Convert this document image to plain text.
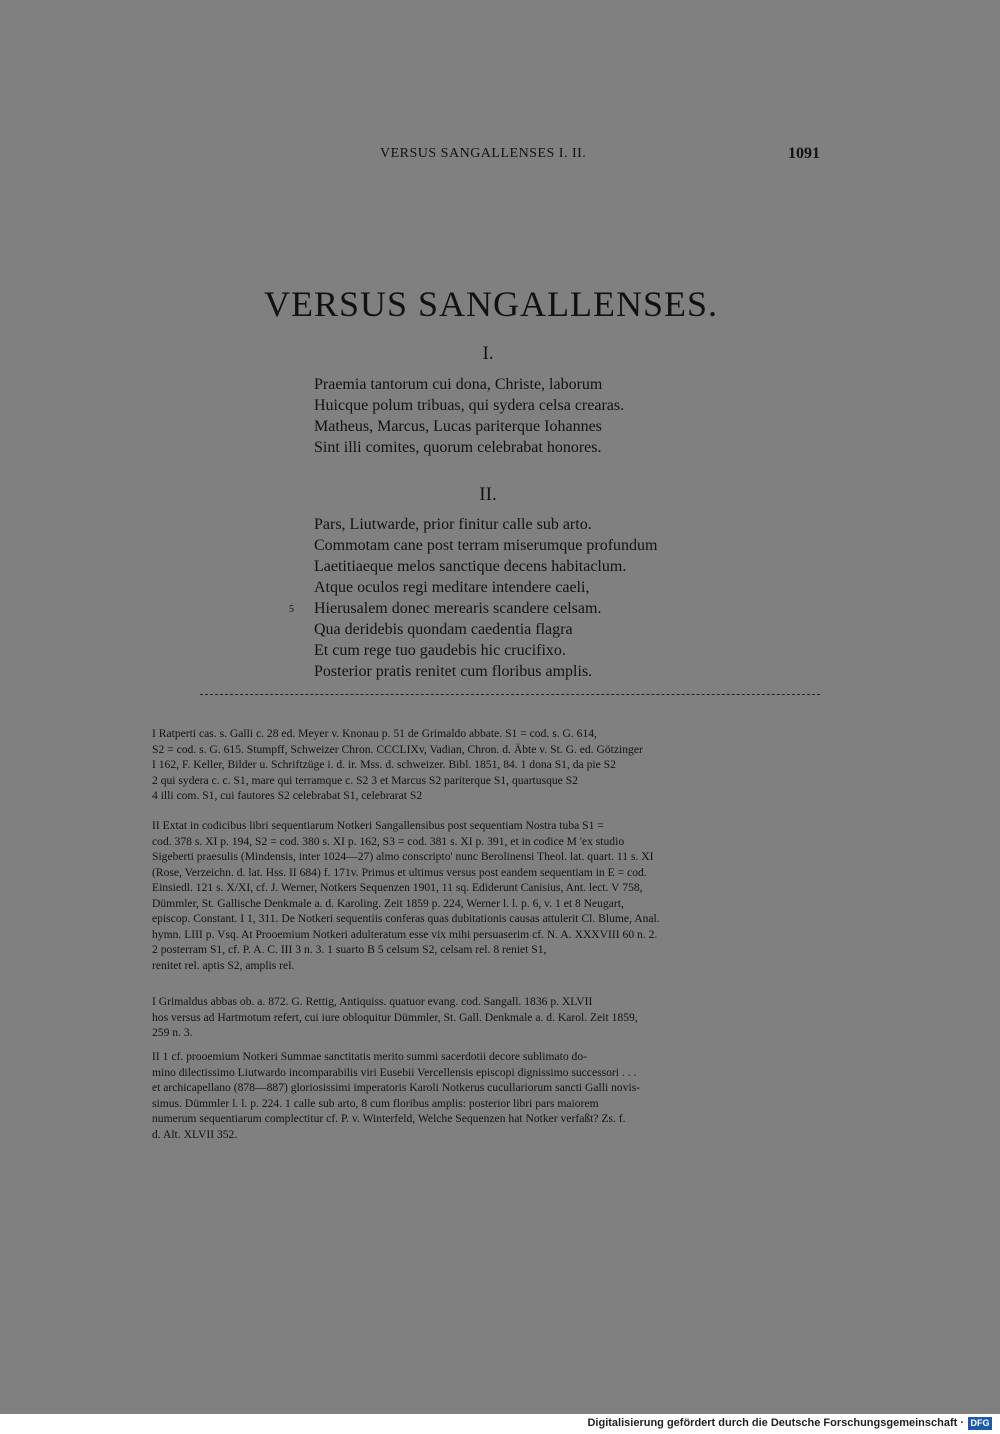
VERSUS SANGALLENSES I. II.	1091
VERSUS SANGALLENSES.
I.
Praemia tantorum cui dona, Christe, laborum
Huicque polum tribuas, qui sydera celsa crearas.
Matheus, Marcus, Lucas pariterque Iohannes
Sint illi comites, quorum celebrabat honores.
II.
Pars, Liutwarde, prior finitur calle sub arto.
Commotam cane post terram miserumque profundum
Laetitiaeque melos sanctique decens habitaclum.
Atque oculos regi meditare intendere caeli,
Hierusalem donec merearis scandere celsam.
Qua deridebis quondam caedentia flagra
Et cum rege tuo gaudebis hic crucifixo.
Posterior pratis renitet cum floribus amplis.
5

I Ratperti cas. s. Galli c. 28 ed. Meyer v. Knonau p. 51 de Grimaldo abbate. S1 = cod. s. G. 614,

S2 = cod. s. G. 615. Stumpff, Schweizer Chron. CCCLIXv, Vadian, Chron. d. Äbte v. St. G. ed. Götzinger

I 162, F. Keller, Bilder u. Schriftzüge i. d. ir. Mss. d. schweizer. Bibl. 1851, 84. 1 dona S1, da pie S2

2 qui sydera c. c. S1, mare qui terramque c. S2 3 et Marcus S2 pariterque S1, quartusque S2

4 illi com. S1, cui fautores S2 celebrabat S1, celebrarat S2

II Extat in codicibus libri sequentiarum Notkeri Sangallensibus post sequentiam Nostra tuba S1 =

cod. 378 s. XI p. 194, S2 = cod. 380 s. XI p. 162, S3 = cod. 381 s. XI p. 391, et in codice M 'ex studio

Sigeberti praesulis (Mindensis, inter 1024—27) almo conscripto' nunc Berolinensi Theol. lat. quart. 11 s. XI

(Rose, Verzeichn. d. lat. Hss. II 684) f. 171v. Primus et ultimus versus post eandem sequentiam in E = cod.

Einsiedl. 121 s. X/XI, cf. J. Werner, Notkers Sequenzen 1901, 11 sq. Ediderunt Canisius, Ant. lect. V 758,

Dümmler, St. Gallische Denkmale a. d. Karoling. Zeit 1859 p. 224, Werner l. l. p. 6, v. 1 et 8 Neugart,

episcop. Constant. I 1, 311. De Notkeri sequentiis conferas quas dubitationis causas attulerit Cl. Blume, Anal.

hymn. LIII p. Vsq. At Prooemium Notkeri adulteratum esse vix mihi persuaserim cf. N. A. XXXVIII 60 n. 2.

2 posterram S1, cf. P. A. C. III 3 n. 3. 1 suarto B 5 celsum S2, celsam rel. 8 reniet S1,

renitet rel. aptis S2, amplis rel.

I Grimaldus abbas ob. a. 872. G. Rettig, Antiquiss. quatuor evang. cod. Sangall. 1836 p. XLVII

hos versus ad Hartmotum refert, cui iure obloquitur Dümmler, St. Gall. Denkmale a. d. Karol. Zeit 1859,

259 n. 3.

II 1 cf. prooemium Notkeri Summae sanctitatis merito summi sacerdotii decore sublimato do-

mino dilectissimo Liutwardo incomparabilis viri Eusebii Vercellensis episcopi dignissimo successori . . .

et archicapellano (878—887) gloriosissimi imperatoris Karoli Notkerus cucullariorum sancti Galli novis-

simus. Dümmler l. l. p. 224. 1 calle sub arto, 8 cum floribus amplis: posterior libri pars maiorem

numerum sequentiarum complectitur cf. P. v. Winterfeld, Welche Sequenzen hat Notker verfaßt? Zs. f.

d. Alt. XLVII 352.

Digitalisierung gefördert durch die Deutsche Forschungsgemeinschaft · DFG
